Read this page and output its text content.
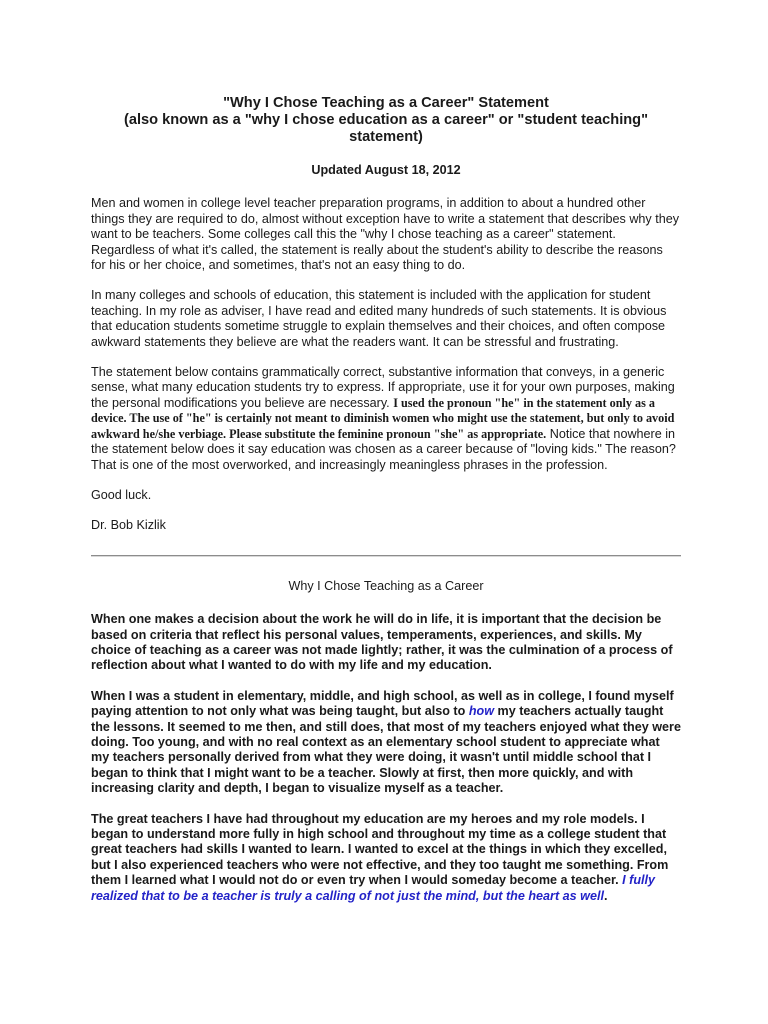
"Why I Chose Teaching as a Career" Statement

(also known as a "why I chose education as a career" or "student teaching"

statement)

Updated August 18, 2012

Men and women in college level teacher preparation programs, in addition to about a hundred other things they are required to do, almost without exception have to write a statement that describes why they want to be teachers. Some colleges call this the "why I chose teaching as a career" statement. Regardless of what it's called, the statement is really about the student's ability to describe the reasons for his or her choice, and sometimes, that's not an easy thing to do.

In many colleges and schools of education, this statement is included with the application for student teaching. In my role as adviser, I have read and edited many hundreds of such statements. It is obvious that education students sometime struggle to explain themselves and their choices, and often compose awkward statements they believe are what the readers want. It can be stressful and frustrating.

The statement below contains grammatically correct, substantive information that conveys, in a generic sense, what many education students try to express. If appropriate, use it for your own purposes, making the personal modifications you believe are necessary. I used the pronoun "he" in the statement only as a device. The use of "he" is certainly not meant to diminish women who might use the statement, but only to avoid awkward he/she verbiage. Please substitute the feminine pronoun "she" as appropriate. Notice that nowhere in the statement below does it say education was chosen as a career because of "loving kids." The reason? That is one of the most overworked, and increasingly meaningless phrases in the profession.

Good luck.

Dr. Bob Kizlik

Why I Chose Teaching as a Career

When one makes a decision about the work he will do in life, it is important that the decision be based on criteria that reflect his personal values, temperaments, experiences, and skills. My choice of teaching as a career was not made lightly; rather, it was the culmination of a process of reflection about what I wanted to do with my life and my education.

When I was a student in elementary, middle, and high school, as well as in college, I found myself paying attention to not only what was being taught, but also to how my teachers actually taught the lessons. It seemed to me then, and still does, that most of my teachers enjoyed what they were doing. Too young, and with no real context as an elementary school student to appreciate what my teachers personally derived from what they were doing, it wasn't until middle school that I began to think that I might want to be a teacher. Slowly at first, then more quickly, and with increasing clarity and depth, I began to visualize myself as a teacher.

The great teachers I have had throughout my education are my heroes and my role models. I began to understand more fully in high school and throughout my time as a college student that great teachers had skills I wanted to learn. I wanted to excel at the things in which they excelled, but I also experienced teachers who were not effective, and they too taught me something. From them I learned what I would not do or even try when I would someday become a teacher. I fully realized that to be a teacher is truly a calling of not just the mind, but the heart as well.
